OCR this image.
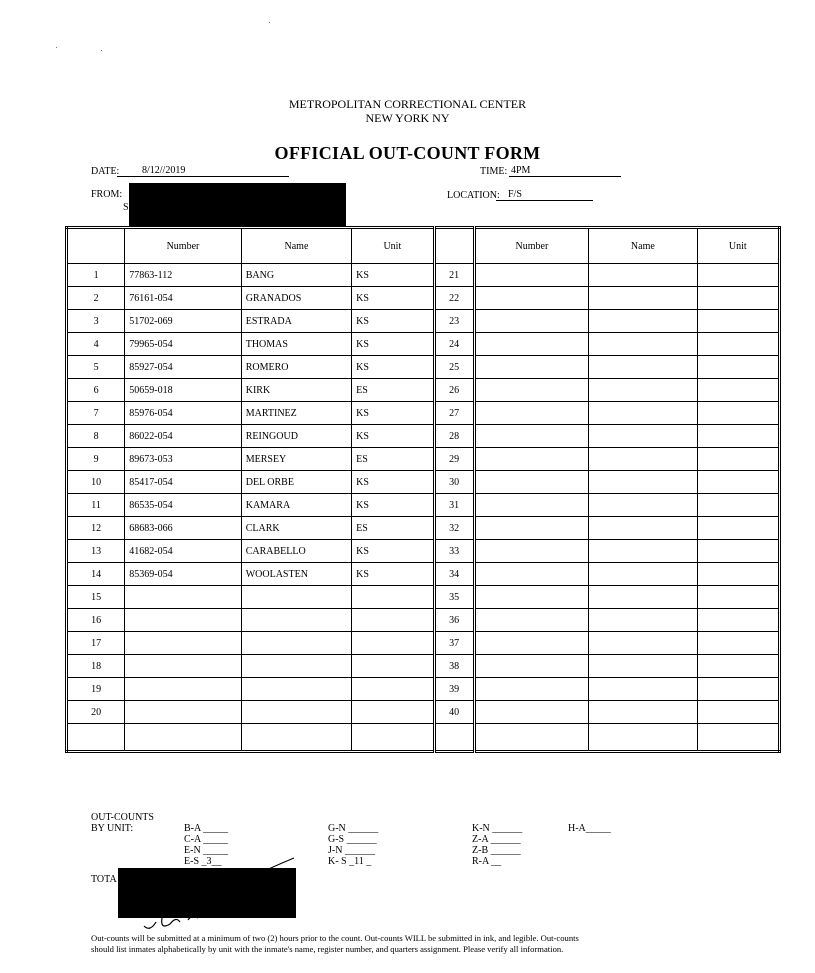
METROPOLITAN CORRECTIONAL CENTER
NEW YORK NY
OFFICIAL OUT-COUNT FORM
DATE:	8/12//2019	TIME: 4PM
FROM:
S
LOCATION: F/S
	Number	Name	Unit		Number	Name	Unit
1	77863-112	BANG	KS	21			
2	76161-054	GRANADOS	KS	22			
3	51702-069	ESTRADA	KS	23			
4	79965-054	THOMAS	KS	24			
5	85927-054	ROMERO	KS	25			
6	50659-018	KIRK	ES	26			
7	85976-054	MARTINEZ	KS	27			
8	86022-054	REINGOUD	KS	28			
9	89673-053	MERSEY	ES	29			
10	85417-054	DEL ORBE	KS	30			
11	86535-054	KAMARA	KS	31			
12	68683-066	CLARK	ES	32			
13	41682-054	CARABELLO	KS	33			
14	85369-054	WOOLASTEN	KS	34			
15				35			
16				36			
17				37			
18				38			
19				39			
20				40			

OUT-COUNTS
BY UNIT:	B-A _____
C-A _____
E-N _____
E-S _3__
G-N ______
G-S ______
J-N ______
K- S _11 _
K-N ______
Z-A ______
Z-B ______
R-A __
H-A_____
TOTA
Out-counts will be submitted at a minimum of two (2) hours prior to the count. Out-counts WILL be submitted in ink, and legible. Out-counts
should list inmates alphabetically by unit with the inmate's name, register number, and quarters assignment. Please verify all information.
